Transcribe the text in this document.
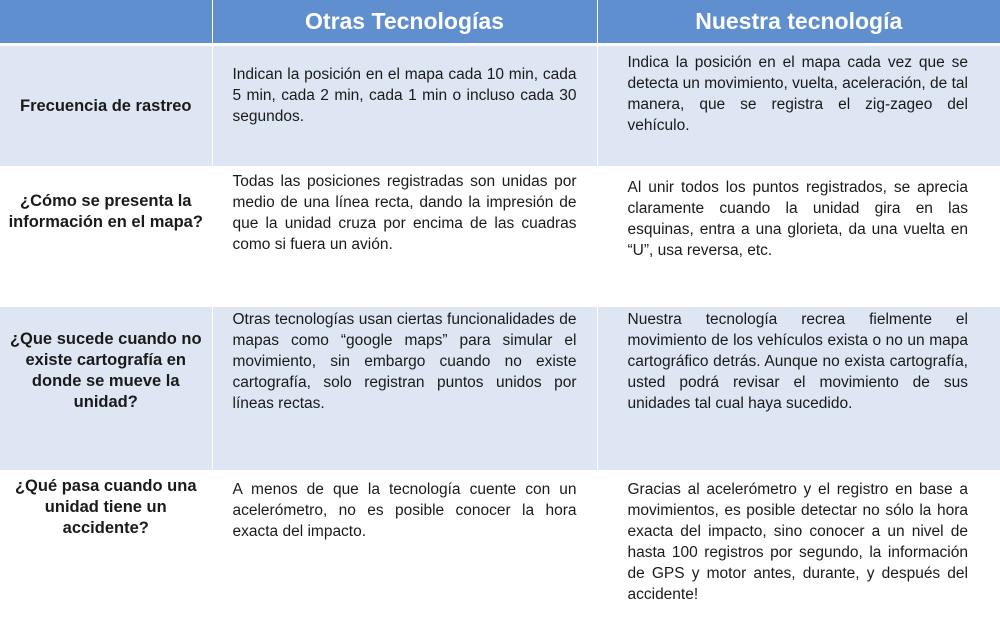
	Otras Tecnologías	Nuestra tecnología
Frecuencia de rastreo	Indican la posición en el mapa cada 10 min, cada 5 min, cada 2 min, cada 1 min o incluso cada 30 segundos.	Indica la posición en el mapa cada vez que se detecta un movimiento, vuelta, aceleración, de tal manera, que se registra el zig-zageo del vehículo.
¿Cómo se presenta la información en el mapa?	Todas las posiciones registradas son unidas por medio de una línea recta, dando la impresión de que la unidad cruza por encima de las cuadras como si fuera un avión.	Al unir todos los puntos registrados, se aprecia claramente cuando la unidad gira en las esquinas, entra a una glorieta, da una vuelta en “U”, usa reversa, etc.
¿Que sucede cuando no existe cartografía en donde se mueve la unidad?	Otras tecnologías usan ciertas funcionalidades de mapas como “google maps” para simular el movimiento, sin embargo cuando no existe cartografía, solo registran puntos unidos por líneas rectas.	Nuestra tecnología recrea fielmente el movimiento de los vehículos exista o no un mapa cartográfico detrás. Aunque no exista cartografía, usted podrá revisar el movimiento de sus unidades tal cual haya sucedido.
¿Qué pasa cuando una unidad tiene un accidente?	A menos de que la tecnología cuente con un acelerómetro, no es posible conocer la hora exacta del impacto.	Gracias al acelerómetro y el registro en base a movimientos, es posible detectar no sólo la hora exacta del impacto, sino conocer a un nivel de hasta 100 registros por segundo, la información de GPS y motor antes, durante, y después del accidente!
